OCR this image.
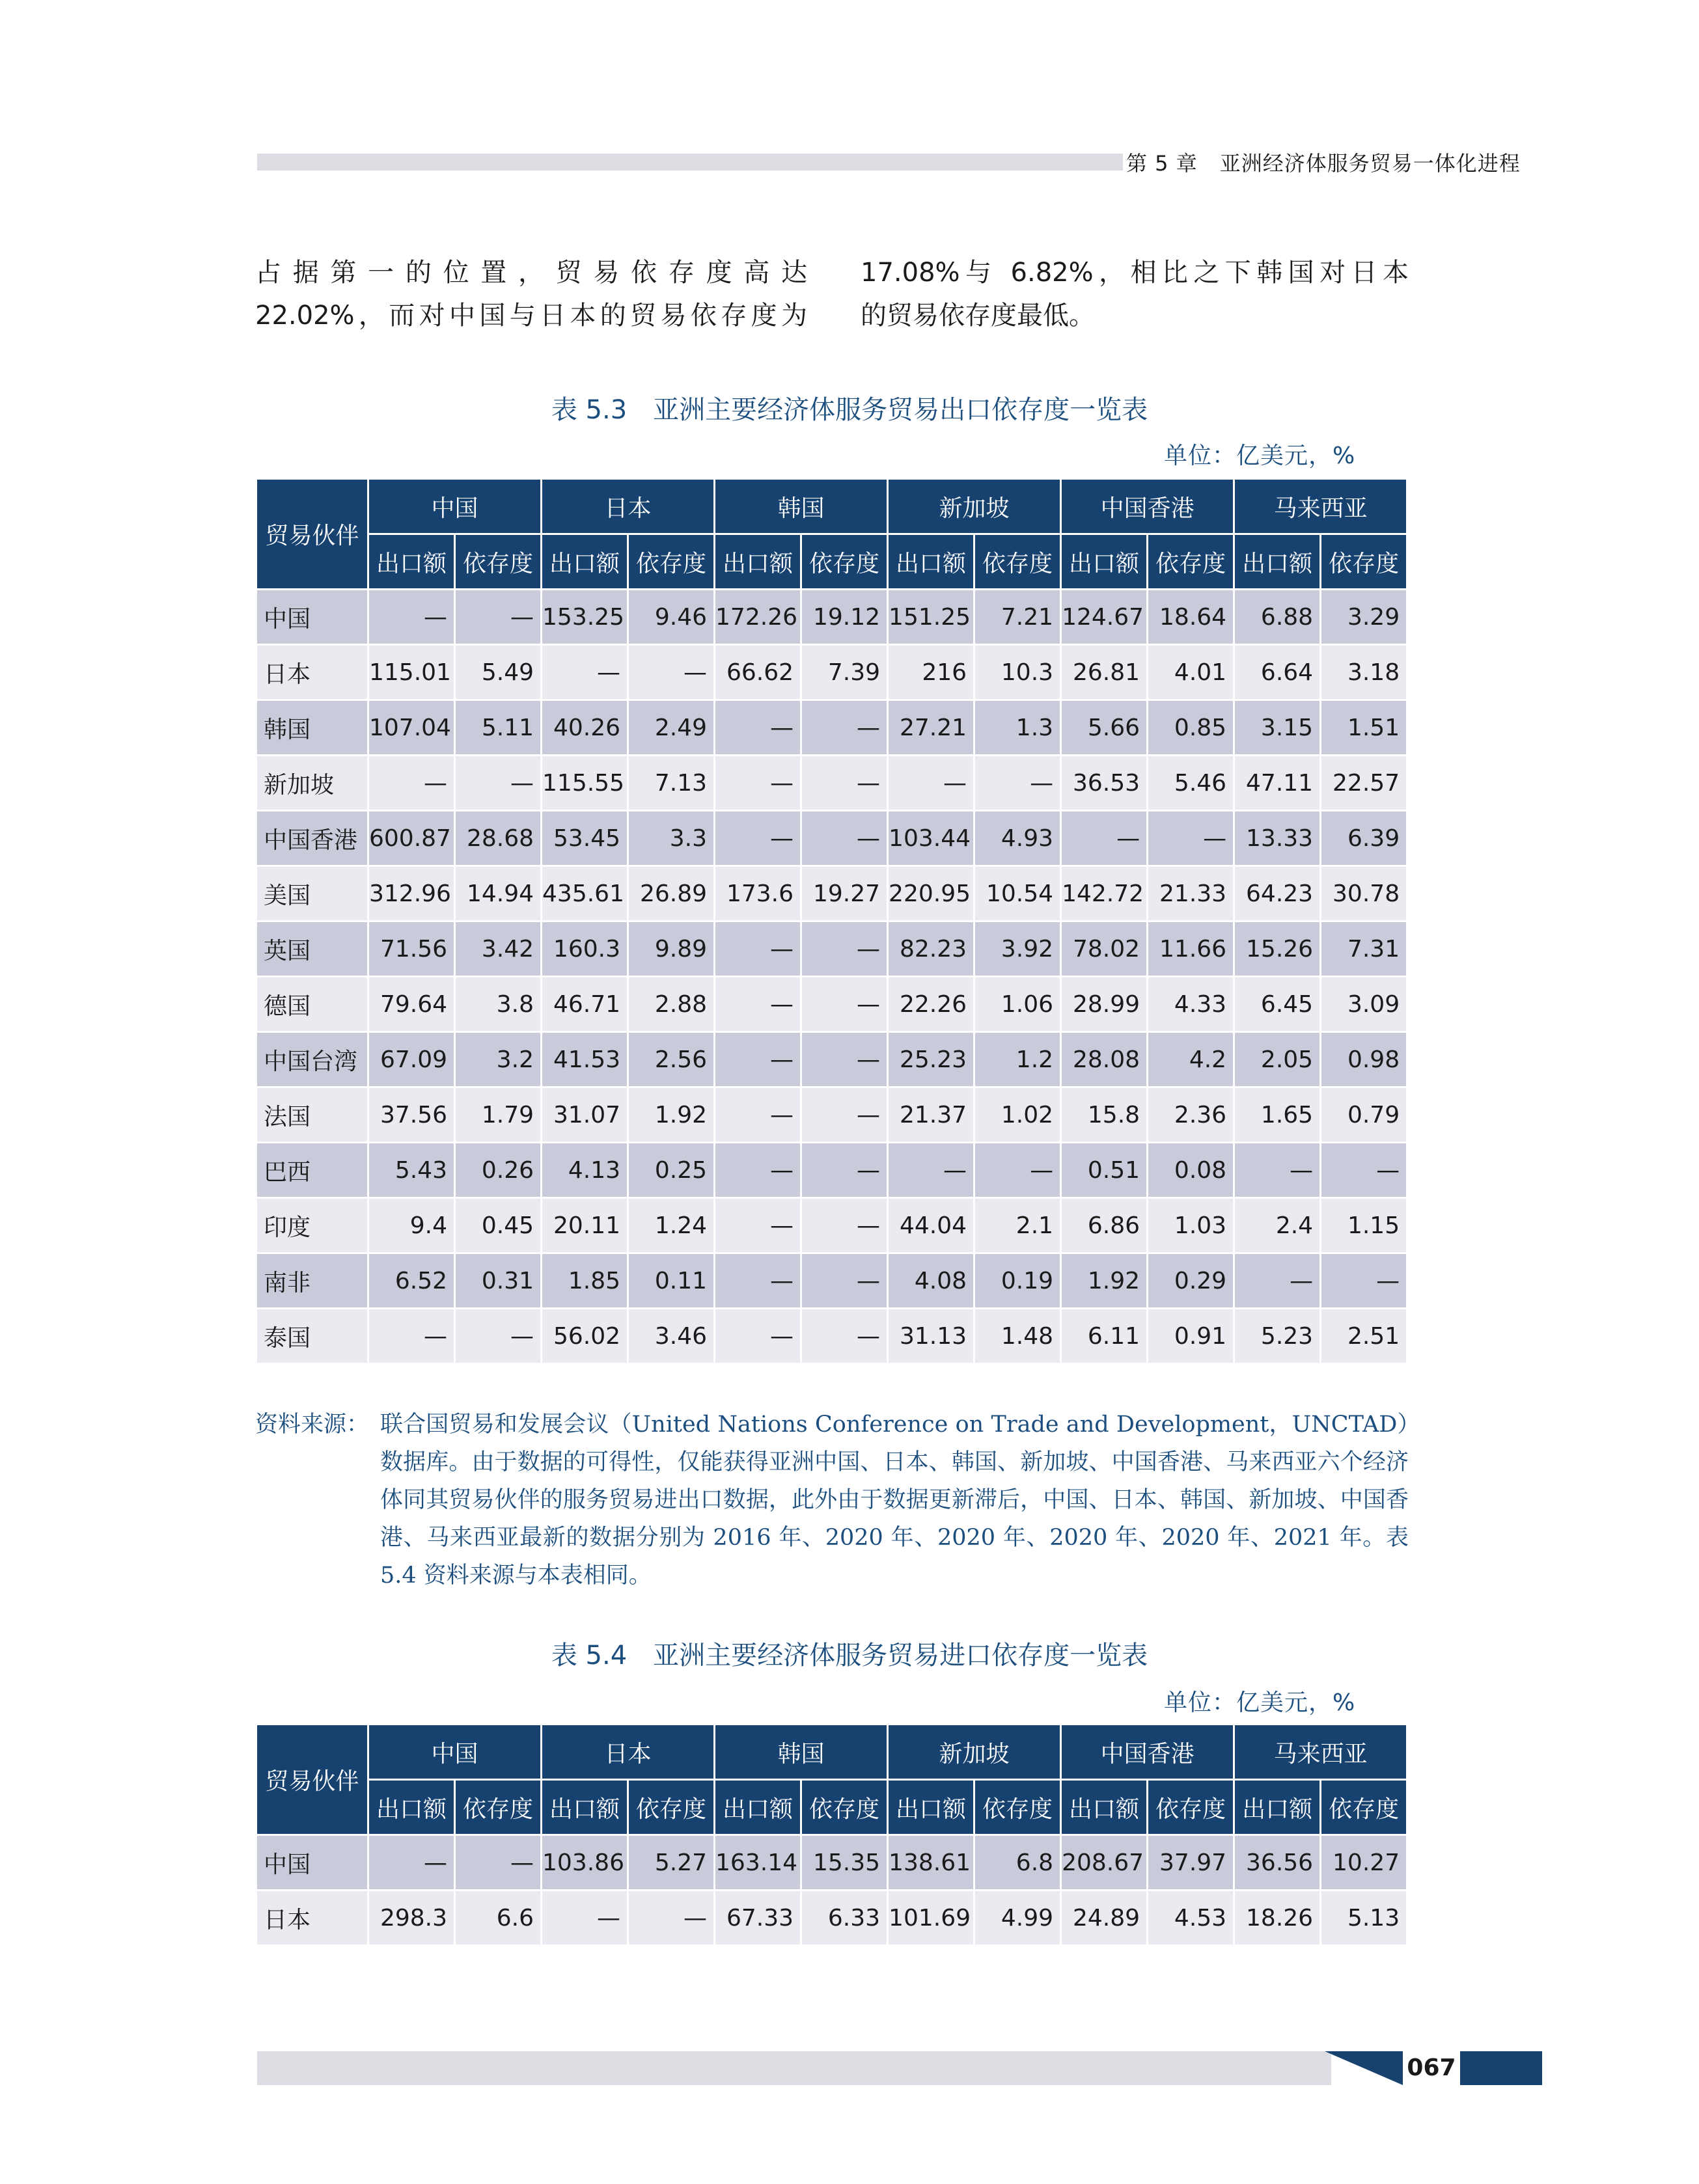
第 5 章 亚洲经济体服务贸易一体化进程
占据第一的位置，贸易依存度高达
22.02%，而对中国与日本的贸易依存度为
17.08%与 6.82%，相比之下韩国对日本
的贸易依存度最低。
表 5.3 亚洲主要经济体服务贸易出口依存度一览表
单位：亿美元，%
贸易伙伴	中国		日本		韩国		新加坡		中国香港		马来西亚	
	出口额	依存度	出口额	依存度	出口额	依存度	出口额	依存度	出口额	依存度	出口额	依存度
中国	—	—	153.25	9.46	172.26	19.12	151.25	7.21	124.67	18.64	6.88	3.29
日本	115.01	5.49	—	—	66.62	7.39	216	10.3	26.81	4.01	6.64	3.18
韩国	107.04	5.11	40.26	2.49	—	—	27.21	1.3	5.66	0.85	3.15	1.51
新加坡	—	—	115.55	7.13	—	—	—	—	36.53	5.46	47.11	22.57
中国香港	600.87	28.68	53.45	3.3	—	—	103.44	4.93	—	—	13.33	6.39
美国	312.96	14.94	435.61	26.89	173.6	19.27	220.95	10.54	142.72	21.33	64.23	30.78
英国	71.56	3.42	160.3	9.89	—	—	82.23	3.92	78.02	11.66	15.26	7.31
德国	79.64	3.8	46.71	2.88	—	—	22.26	1.06	28.99	4.33	6.45	3.09
中国台湾	67.09	3.2	41.53	2.56	—	—	25.23	1.2	28.08	4.2	2.05	0.98
法国	37.56	1.79	31.07	1.92	—	—	21.37	1.02	15.8	2.36	1.65	0.79
巴西	5.43	0.26	4.13	0.25	—	—	—	—	0.51	0.08	—	—
印度	9.4	0.45	20.11	1.24	—	—	44.04	2.1	6.86	1.03	2.4	1.15
南非	6.52	0.31	1.85	0.11	—	—	4.08	0.19	1.92	0.29	—	—
泰国	—	—	56.02	3.46	—	—	31.13	1.48	6.11	0.91	5.23	2.51
资料来源： 联合国贸易和发展会议（United Nations Conference on Trade and Development，UNCTAD）数据库。由于数据的可得性，仅能获得亚洲中国、日本、韩国、新加坡、中国香港、马来西亚六个经济体同其贸易伙伴的服务贸易进出口数据，此外由于数据更新滞后，中国、日本、韩国、新加坡、中国香港、马来西亚最新的数据分别为 2016 年、2020 年、2020 年、2020 年、2020 年、2021 年。表 5.4 资料来源与本表相同。
表 5.4 亚洲主要经济体服务贸易进口依存度一览表
单位：亿美元，%
贸易伙伴	中国		日本		韩国		新加坡		中国香港		马来西亚	
	出口额	依存度	出口额	依存度	出口额	依存度	出口额	依存度	出口额	依存度	出口额	依存度
中国	—	—	103.86	5.27	163.14	15.35	138.61	6.8	208.67	37.97	36.56	10.27
日本	298.3	6.6	—	—	67.33	6.33	101.69	4.99	24.89	4.53	18.26	5.13
067
